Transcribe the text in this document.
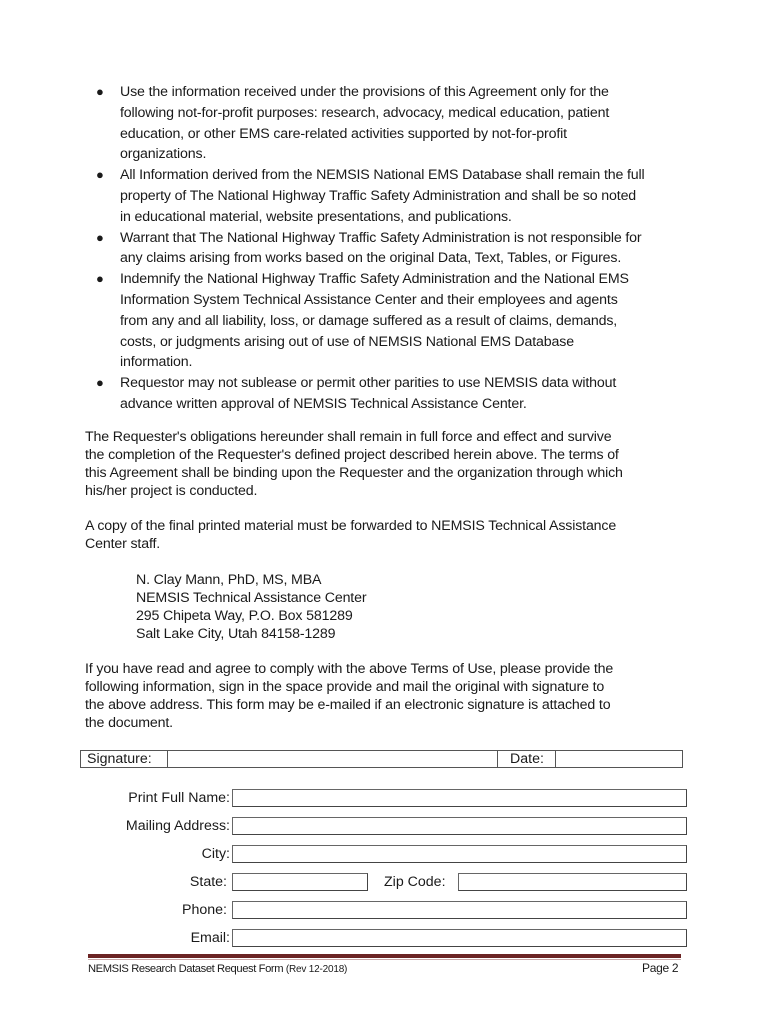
● Use the information received under the provisions of this Agreement only for the
following not-for-profit purposes: research, advocacy, medical education, patient
education, or other EMS care-related activities supported by not-for-profit
organizations.
● All Information derived from the NEMSIS National EMS Database shall remain the full
property of The National Highway Traffic Safety Administration and shall be so noted
in educational material, website presentations, and publications.
● Warrant that The National Highway Traffic Safety Administration is not responsible for
any claims arising from works based on the original Data, Text, Tables, or Figures.
● Indemnify the National Highway Traffic Safety Administration and the National EMS
Information System Technical Assistance Center and their employees and agents
from any and all liability, loss, or damage suffered as a result of claims, demands,
costs, or judgments arising out of use of NEMSIS National EMS Database
information.
● Requestor may not sublease or permit other parities to use NEMSIS data without
advance written approval of NEMSIS Technical Assistance Center.
The Requester's obligations hereunder shall remain in full force and effect and survive
the completion of the Requester's defined project described herein above. The terms of
this Agreement shall be binding upon the Requester and the organization through which
his/her project is conducted.
A copy of the final printed material must be forwarded to NEMSIS Technical Assistance
Center staff.
N. Clay Mann, PhD, MS, MBA
NEMSIS Technical Assistance Center
295 Chipeta Way, P.O. Box 581289
Salt Lake City, Utah 84158-1289
If you have read and agree to comply with the above Terms of Use, please provide the
following information, sign in the space provide and mail the original with signature to
the above address. This form may be e-mailed if an electronic signature is attached to
the document.
Signature:	Date:
Print Full Name:
Mailing Address:
City:
State:	Zip Code:
Phone:
Email:
NEMSIS Research Dataset Request Form (Rev 12-2018)	Page 2
